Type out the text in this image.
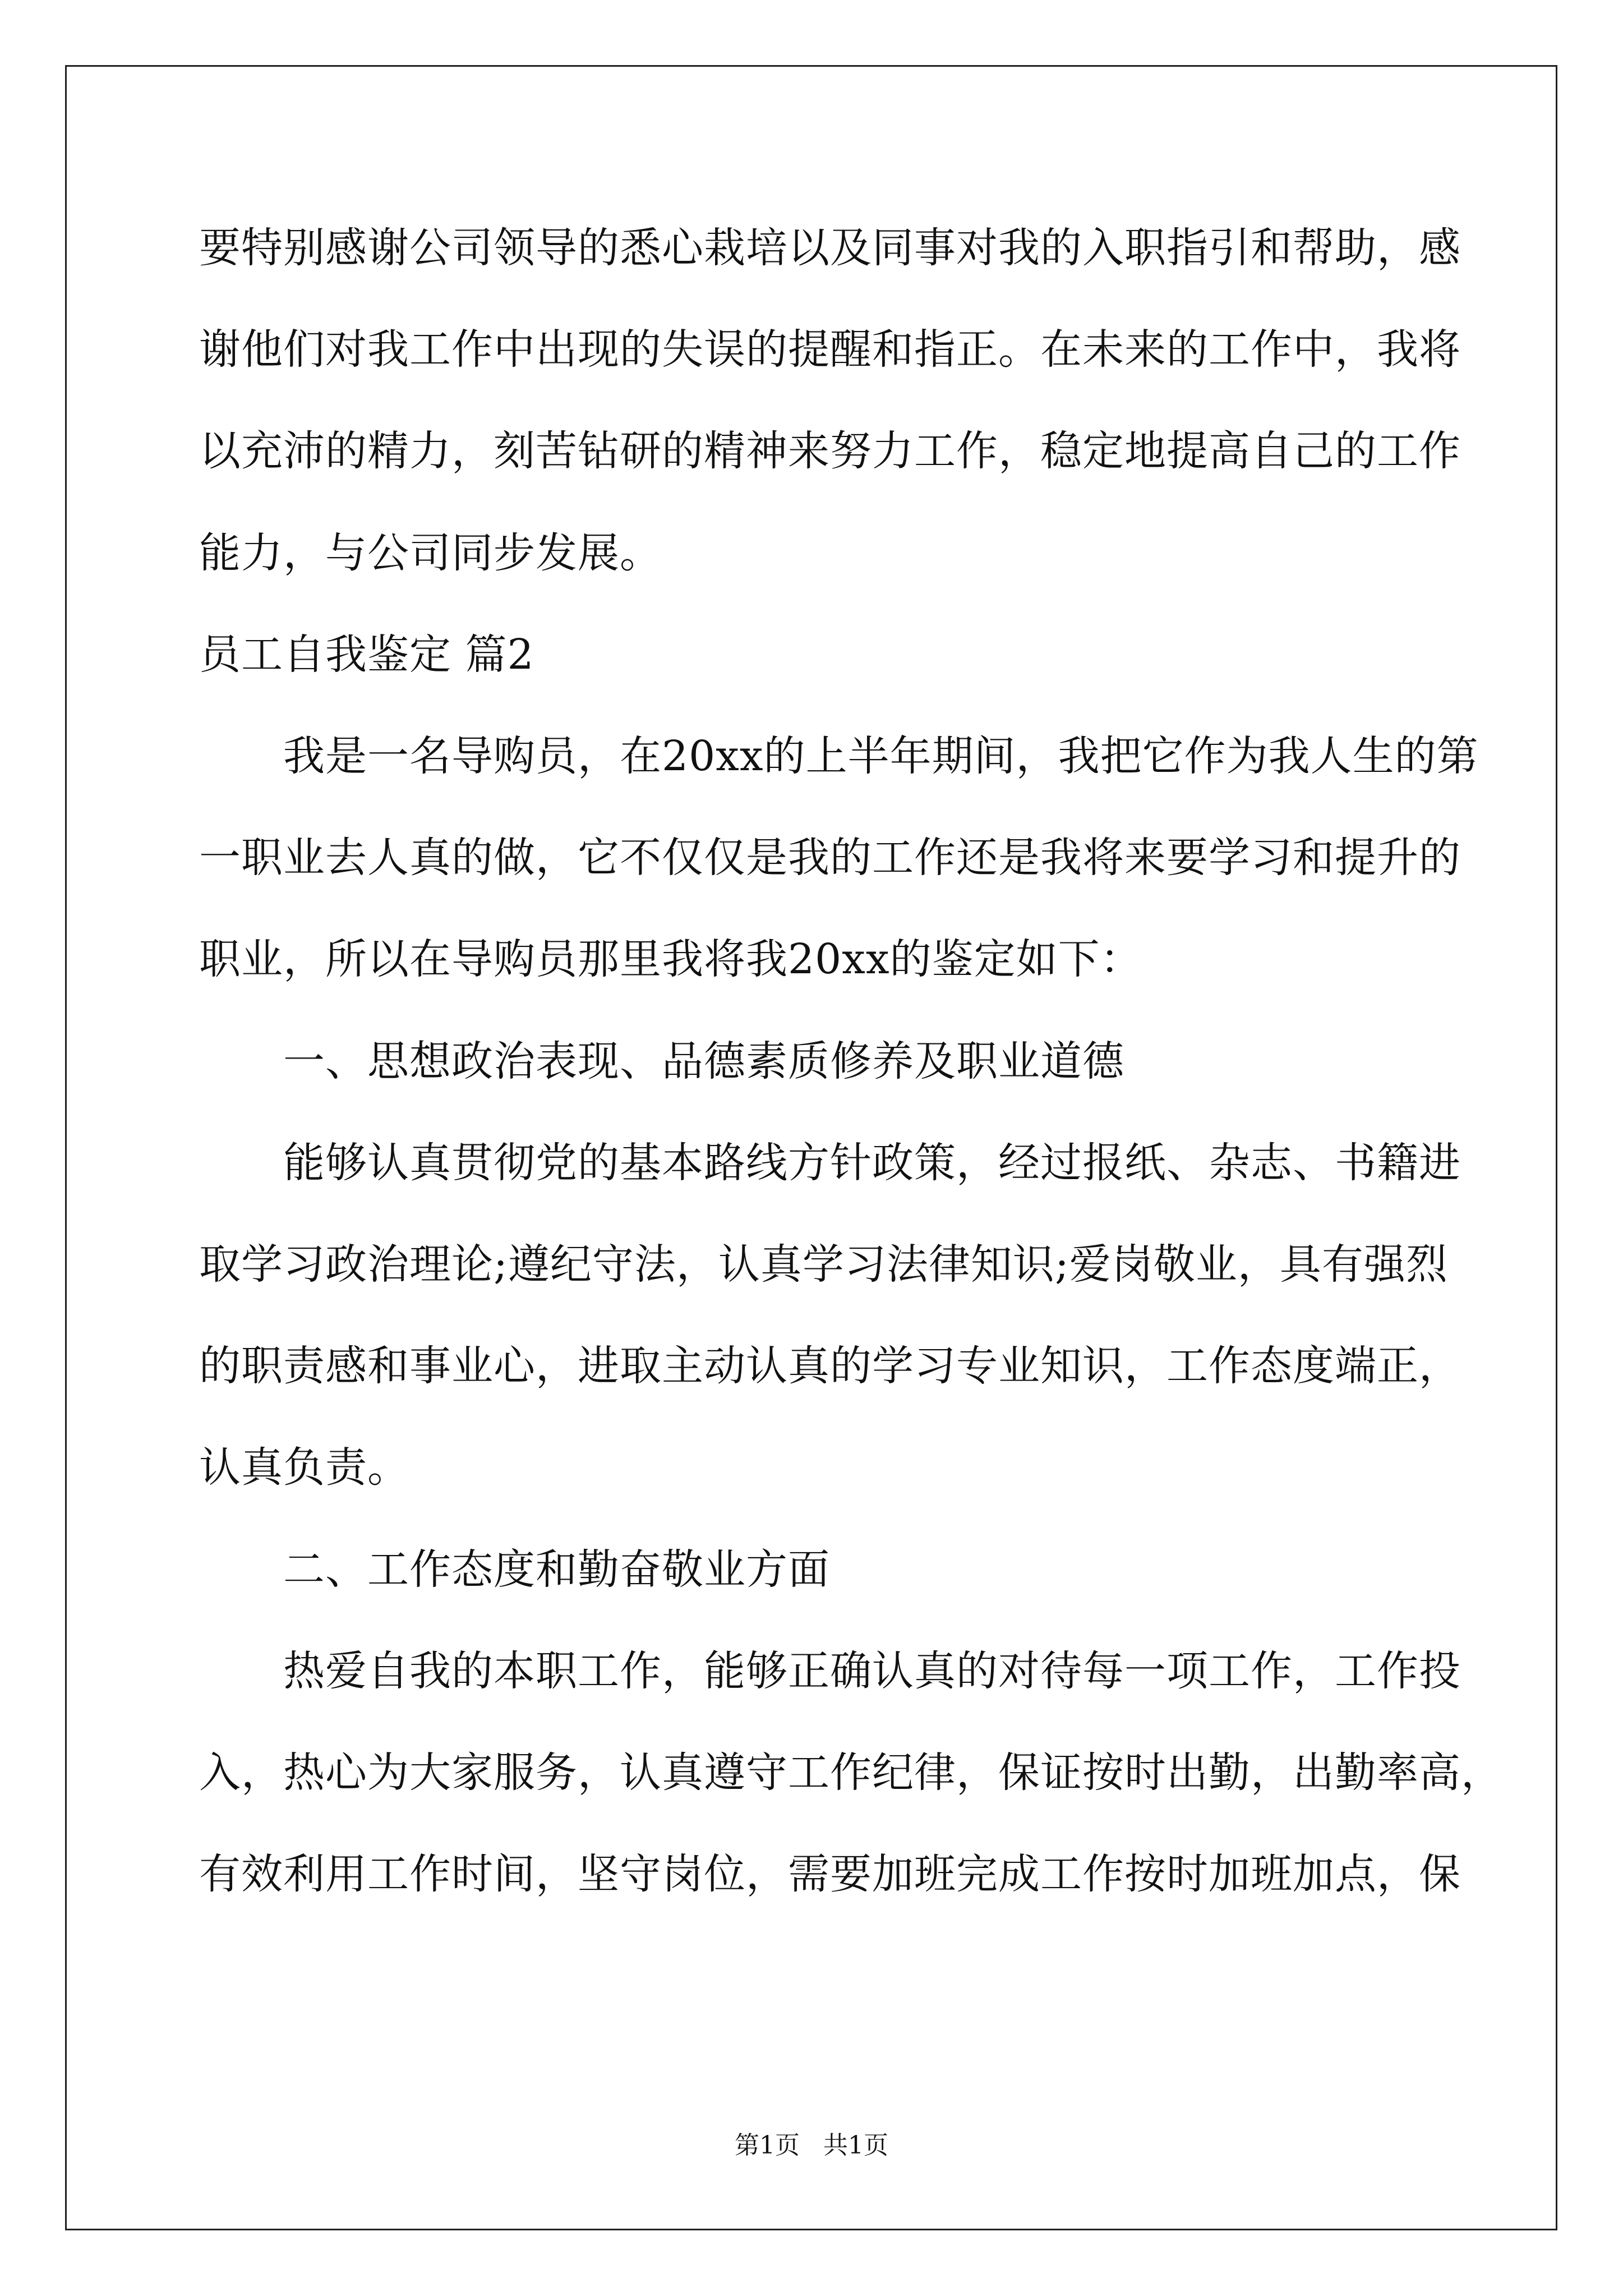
要特别感谢公司领导的悉心栽培以及同事对我的入职指引和帮助，感
谢他们对我工作中出现的失误的提醒和指正。在未来的工作中，我将
以充沛的精力，刻苦钻研的精神来努力工作，稳定地提高自己的工作
能力，与公司同步发展。
员工自我鉴定 篇2
我是一名导购员，在20xx的上半年期间，我把它作为我人生的第
一职业去人真的做，它不仅仅是我的工作还是我将来要学习和提升的
职业，所以在导购员那里我将我20xx的鉴定如下：
一、思想政治表现、品德素质修养及职业道德
能够认真贯彻党的基本路线方针政策，经过报纸、杂志、书籍进
取学习政治理论;遵纪守法，认真学习法律知识;爱岗敬业，具有强烈
的职责感和事业心，进取主动认真的学习专业知识，工作态度端正，
认真负责。
二、工作态度和勤奋敬业方面
热爱自我的本职工作，能够正确认真的对待每一项工作，工作投
入，热心为大家服务，认真遵守工作纪律，保证按时出勤，出勤率高，
有效利用工作时间，坚守岗位，需要加班完成工作按时加班加点，保
第1页   共1页
